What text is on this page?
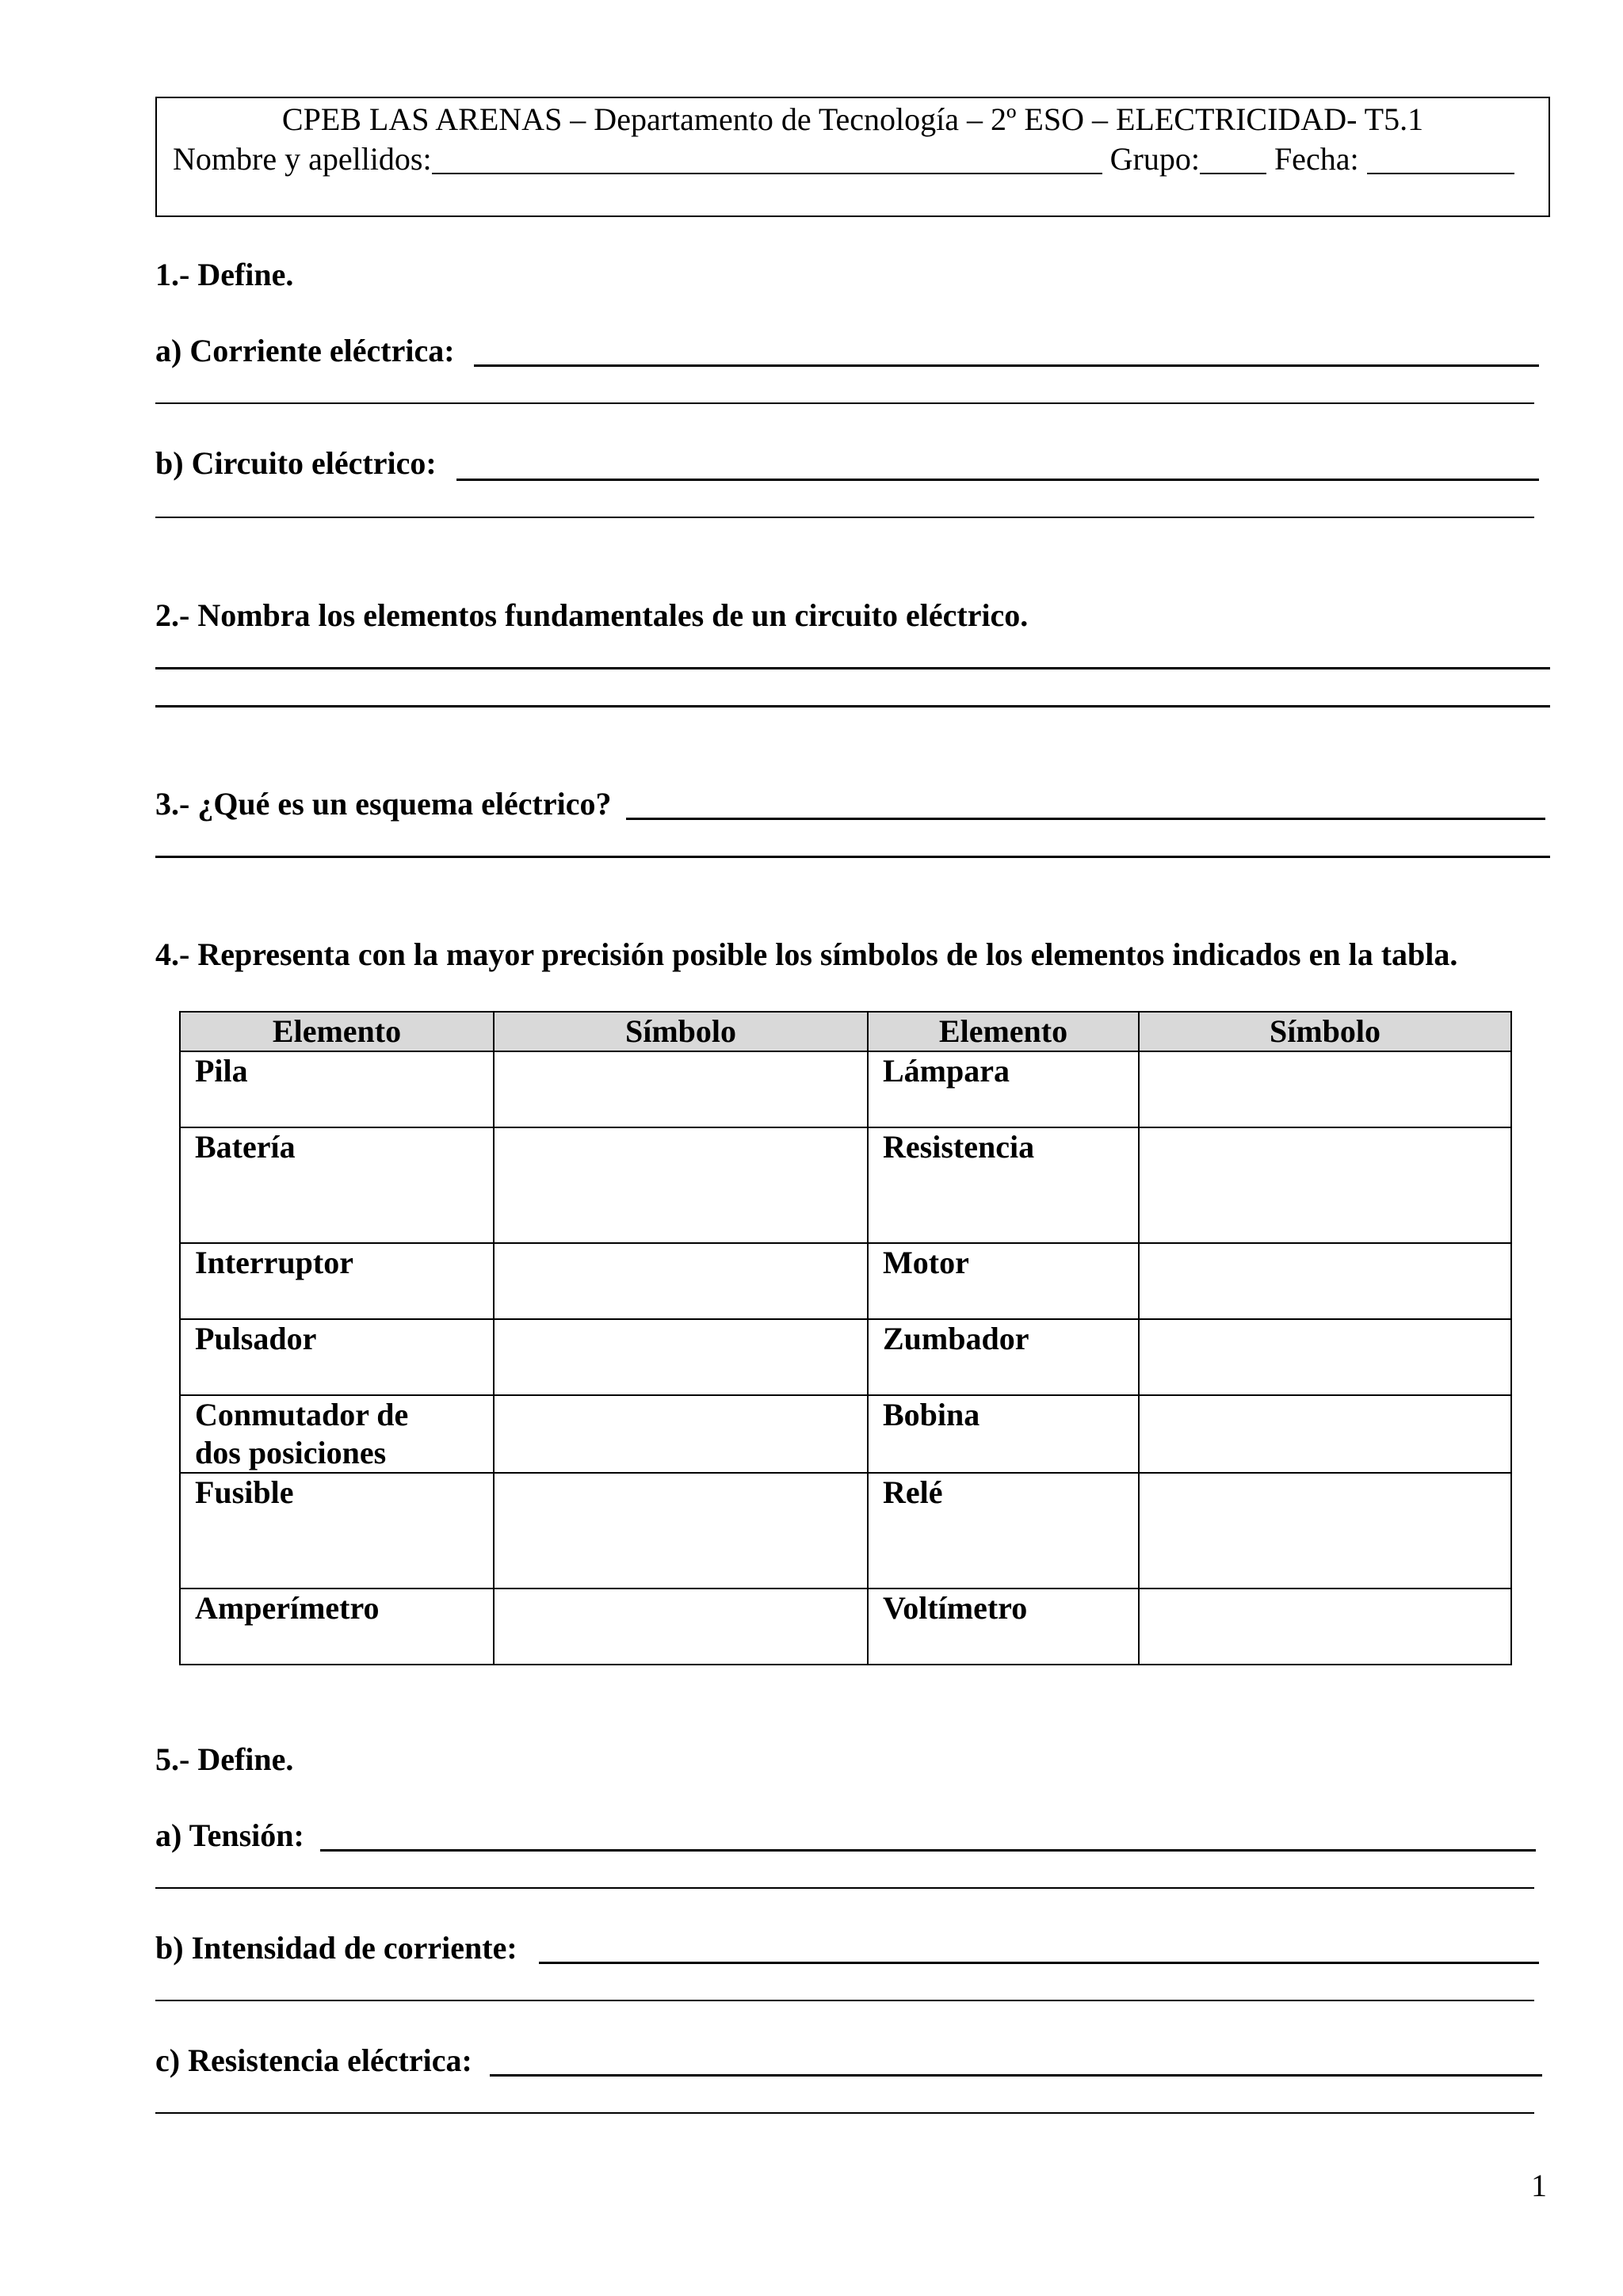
CPEB LAS ARENAS – Departamento de Tecnología – 2º ESO – ELECTRICIDAD- T5.1
Nombre y apellidos:	Grupo: Fecha:
1.- Define.
a) Corriente eléctrica:
b) Circuito eléctrico:
2.- Nombra los elementos fundamentales de un circuito eléctrico.
3.- ¿Qué es un esquema eléctrico?
4.- Representa con la mayor precisión posible los símbolos de los elementos indicados en la tabla.
Elemento	Símbolo	Elemento	Símbolo
Pila		Lámpara	
Batería		Resistencia	
Interruptor		Motor	
Pulsador		Zumbador	

Conmutador de
dos posiciones		Bobina	
Fusible		Relé	
Amperímetro		Voltímetro	
5.- Define.
a) Tensión:
b) Intensidad de corriente:
c) Resistencia eléctrica:
1
